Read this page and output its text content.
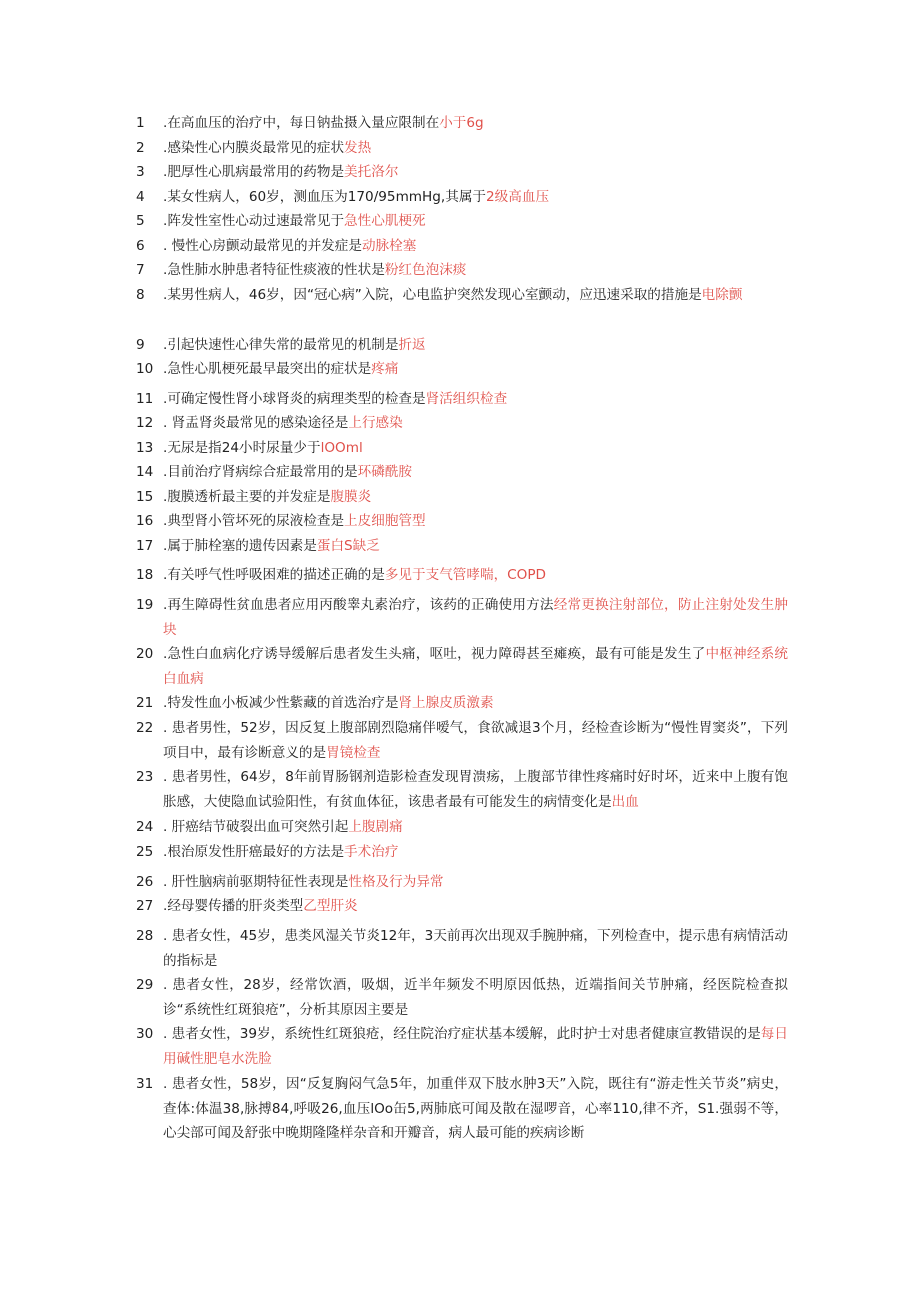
1	.在高血压的治疗中，每日钠盐摄入量应限制在小于6g
2	.感染性心内膜炎最常见的症状发热
3	.肥厚性心肌病最常用的药物是美托洛尔
4	.某女性病人，60岁，测血压为170/95mmHg,其属于2级高血压
5	.阵发性室性心动过速最常见于急性心肌梗死
6	. 慢性心房颤动最常见的并发症是动脉栓塞
7	.急性肺水肿患者特征性痰液的性状是粉红色泡沫痰
8	.某男性病人，46岁，因“冠心病”入院，心电监护突然发现心室颤动，应迅速采取的措施是电除颤
9	.引起快速性心律失常的最常见的机制是折返
10 .急性心肌梗死最早最突出的症状是疼痛
11 .可确定慢性肾小球肾炎的病理类型的检查是肾活组织检查
12 . 肾盂肾炎最常见的感染途径是上行感染
13 .无尿是指24小时尿量少于lOOml
14 .目前治疗肾病综合症最常用的是环磷酰胺
15 .腹膜透析最主要的并发症是腹膜炎
16 .典型肾小管坏死的尿液检查是上皮细胞管型
17 .属于肺栓塞的遗传因素是蛋白S缺乏
18 .有关呼气性呼吸困难的描述正确的是多见于支气管哮喘，COPD
19 .再生障碍性贫血患者应用丙酸睾丸素治疗，该药的正确使用方法经常更换注射部位，防止注射处发生肿块
20 .急性白血病化疗诱导缓解后患者发生头痛，呕吐，视力障碍甚至瘫痪，最有可能是发生了中枢神经系统白血病
21 .特发性血小板减少性紫藏的首选治疗是肾上腺皮质激素
22 . 患者男性，52岁，因反复上腹部剧烈隐痛伴嗳气，食欲减退3个月，经检查诊断为“慢性胃窦炎”，下列项目中，最有诊断意义的是胃镜检查
23 . 患者男性，64岁，8年前胃肠钢剂造影检查发现胃溃疡，上腹部节律性疼痛时好时坏，近来中上腹有饱胀感，大使隐血试验阳性，有贫血体征，该患者最有可能发生的病情变化是出血
24 . 肝癌结节破裂出血可突然引起上腹剧痛
25 .根治原发性肝癌最好的方法是手术治疗
26 . 肝性脑病前驱期特征性表现是性格及行为异常
27 .经母婴传播的肝炎类型乙型肝炎
28 . 患者女性，45岁，患类风湿关节炎12年，3天前再次出现双手腕肿痛，下列检查中，提示患有病情活动的指标是
29 . 患者女性，28岁，经常饮酒，吸烟，近半年频发不明原因低热，近端指间关节肿痛，经医院检查拟诊“系统性红斑狼疮”，分析其原因主要是
30 . 患者女性，39岁，系统性红斑狼疮，经住院治疗症状基本缓解，此时护士对患者健康宣教错误的是每日用碱性肥皂水洗脸
31 . 患者女性，58岁，因“反复胸闷气急5年，加重伴双下肢水肿3天”入院，既往有“游走性关节炎”病史，查体:体温38,脉搏84,呼吸26,血压lOo缶5,两肺底可闻及散在湿啰音，心率110,律不齐，S1.强弱不等，心尖部可闻及舒张中晚期隆隆样杂音和开瓣音，病人最可能的疾病诊断
